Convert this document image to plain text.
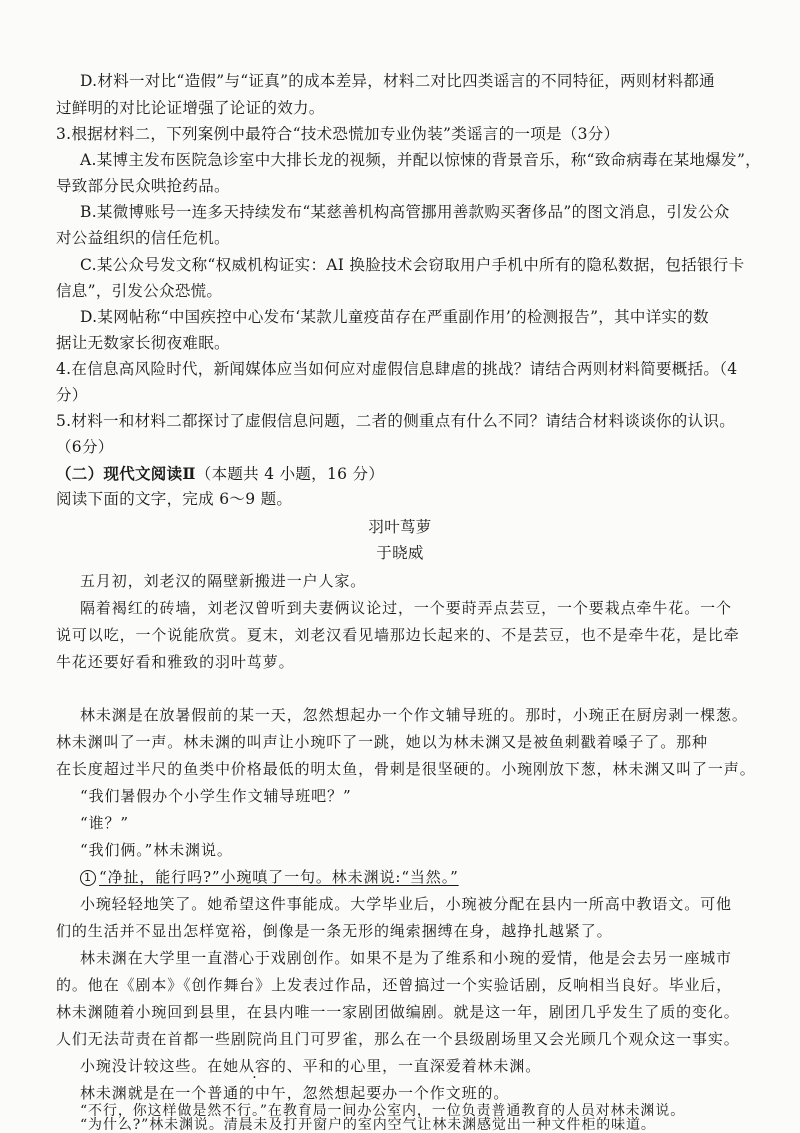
D.材料一对比“造假”与“证真”的成本差异，材料二对比四类谣言的不同特征，两则材料都通
过鲜明的对比论证增强了论证的效力。
3.根据材料二，下列案例中最符合“技术恐慌加专业伪装”类谣言的一项是（3分）
A.某博主发布医院急诊室中大排长龙的视频，并配以惊悚的背景音乐，称“致命病毒在某地爆发”，
导致部分民众哄抢药品。
B.某微博账号一连多天持续发布“某慈善机构高管挪用善款购买奢侈品”的图文消息，引发公众
对公益组织的信任危机。
C.某公众号发文称“权威机构证实：AI 换脸技术会窃取用户手机中所有的隐私数据，包括银行卡
信息”，引发公众恐慌。
D.某网帖称“中国疾控中心发布‘某款儿童疫苗存在严重副作用’的检测报告”，其中详实的数
据让无数家长彻夜难眠。
4.在信息高风险时代，新闻媒体应当如何应对虚假信息肆虐的挑战？请结合两则材料简要概括。（4
分）
5.材料一和材料二都探讨了虚假信息问题，二者的侧重点有什么不同？请结合材料谈谈你的认识。
（6分）
（二）现代文阅读Ⅱ（本题共 4 小题，16 分）
阅读下面的文字，完成 6～9 题。
羽叶茑萝
于晓威
五月初，刘老汉的隔壁新搬进一户人家。
隔着褐红的砖墙，刘老汉曾听到夫妻俩议论过，一个要莳弄点芸豆，一个要栽点牵牛花。一个
说可以吃，一个说能欣赏。夏末，刘老汉看见墙那边长起来的、不是芸豆，也不是牵牛花，是比牵
牛花还要好看和雅致的羽叶茑萝。
林未渊是在放暑假前的某一天，忽然想起办一个作文辅导班的。那时，小琬正在厨房剥一棵葱。
林未渊叫了一声。林未渊的叫声让小琬吓了一跳，她以为林未渊又是被鱼刺戳着嗓子了。那种
在长度超过半尺的鱼类中价格最低的明太鱼，骨刺是很坚硬的。小琬刚放下葱，林未渊又叫了一声。
“我们暑假办个小学生作文辅导班吧？”
“谁？”
“我们俩。”林未渊说。
1 “净扯，能行吗?”小琬嗔了一句。林未渊说:“当然。”
小琬轻轻地笑了。她希望这件事能成。大学毕业后，小琬被分配在县内一所高中教语文。可他
们的生活并不显出怎样宽裕，倒像是一条无形的绳索捆缚在身，越挣扎越紧了。
林未渊在大学里一直潜心于戏剧创作。如果不是为了维系和小琬的爱情，他是会去另一座城市
的。他在《剧本》《创作舞台》上发表过作品，还曾搞过一个实验话剧，反响相当良好。毕业后，
林未渊随着小琬回到县里，在县内唯一一家剧团做编剧。就是这一年，剧团几乎发生了质的变化。
人们无法苛责在首都一些剧院尚且门可罗雀，那么在一个县级剧场里又会光顾几个观众这一事实。
小琬没计较这些。在她从容的、平和的心里，一直深爱着林未渊。
林未渊就是在一个普通的中午，忽然想起要办一个作文班的。
“不行，你这样做是然不行。”在教育局一间办公室内，一位负责普通教育的人员对林未渊说。
“为什么?”林未渊说。清晨未及打开窗户的室内空气让林未渊感觉出一种文件柜的味道。
